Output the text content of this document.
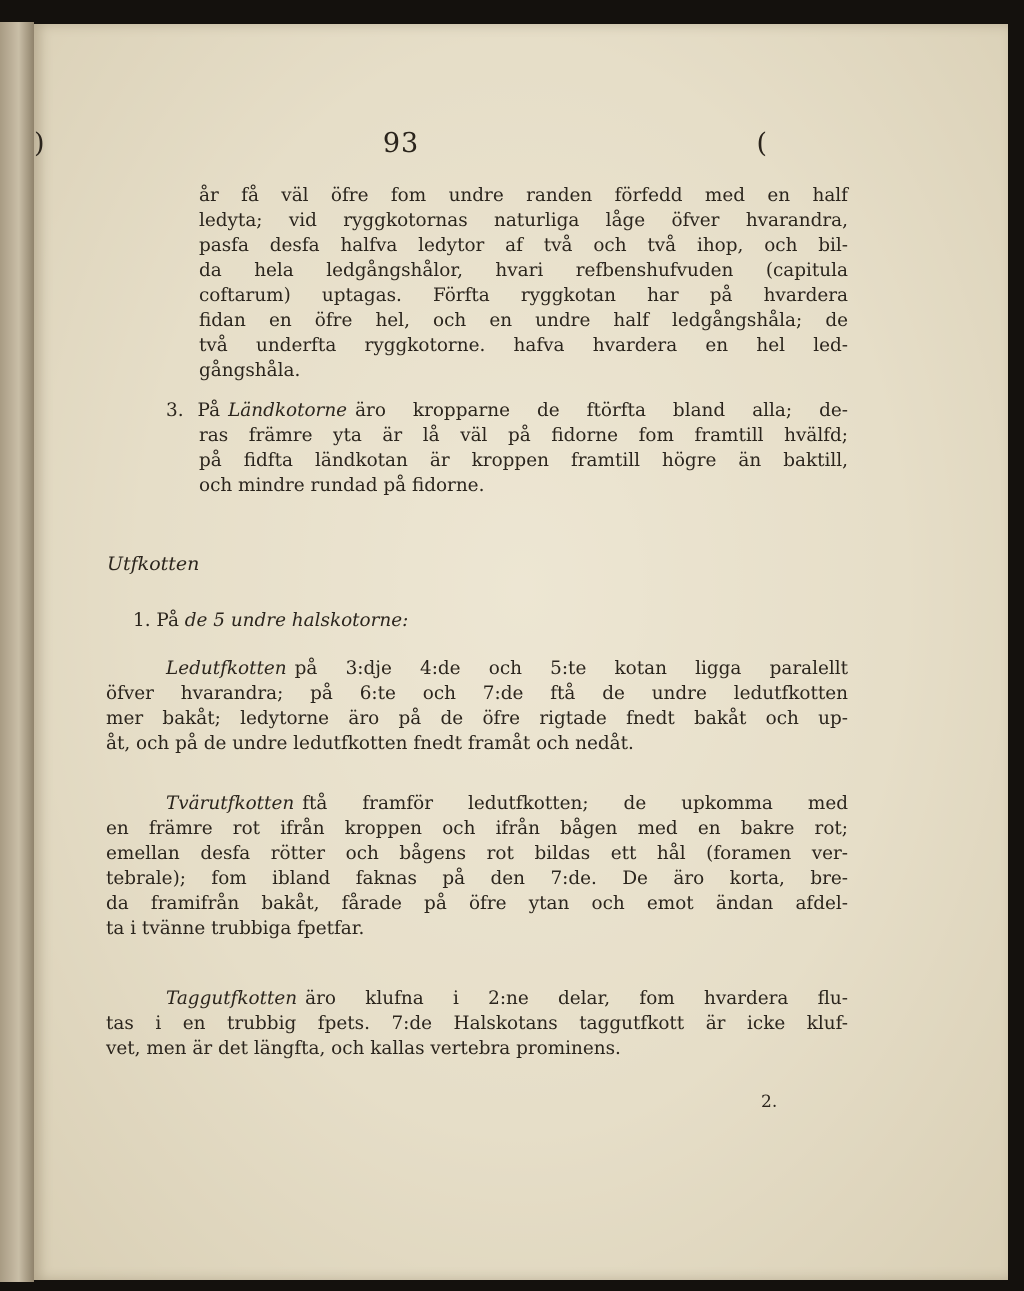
) 93 (
år få väl öfre fom undre randen förfedd med en half
ledyta; vid ryggkotornas naturliga låge öfver hvarandra,
pasfa desfa halfva ledytor af två och två ihop, och bil-
da hela ledgångshålor, hvari refbenshufvuden (capitula
coftarum) uptagas. Förfta ryggkotan har på hvardera
fidan en öfre hel, och en undre half ledgångshåla; de
två underfta ryggkotorne. hafva hvardera en hel led-
gångshåla.
3. På Ländkotorne äro kropparne de ftörfta bland alla; de-
ras främre yta är lå väl på fidorne fom framtill hvälfd;
på fidfta ländkotan är kroppen framtill högre än baktill,
och mindre rundad på fidorne.
Utfkotten
1. På de 5 undre halskotorne:
Ledutfkotten på 3:dje 4:de och 5:te kotan ligga paralellt
öfver hvarandra; på 6:te och 7:de ftå de undre ledutfkotten
mer bakåt; ledytorne äro på de öfre rigtade fnedt bakåt och up-
åt, och på de undre ledutfkotten fnedt framåt och nedåt.
Tvärutfkotten ftå framför ledutfkotten; de upkomma med
en främre rot ifrån kroppen och ifrån bågen med en bakre rot;
emellan desfa rötter och bågens rot bildas ett hål (foramen ver-
tebrale); fom ibland faknas på den 7:de. De äro korta, bre-
da framifrån bakåt, fårade på öfre ytan och emot ändan afdel-
ta i tvänne trubbiga fpetfar.
Taggutfkotten äro klufna i 2:ne delar, fom hvardera flu-
tas i en trubbig fpets. 7:de Halskotans taggutfkott är icke kluf-
vet, men är det längfta, och kallas vertebra prominens.
2.
